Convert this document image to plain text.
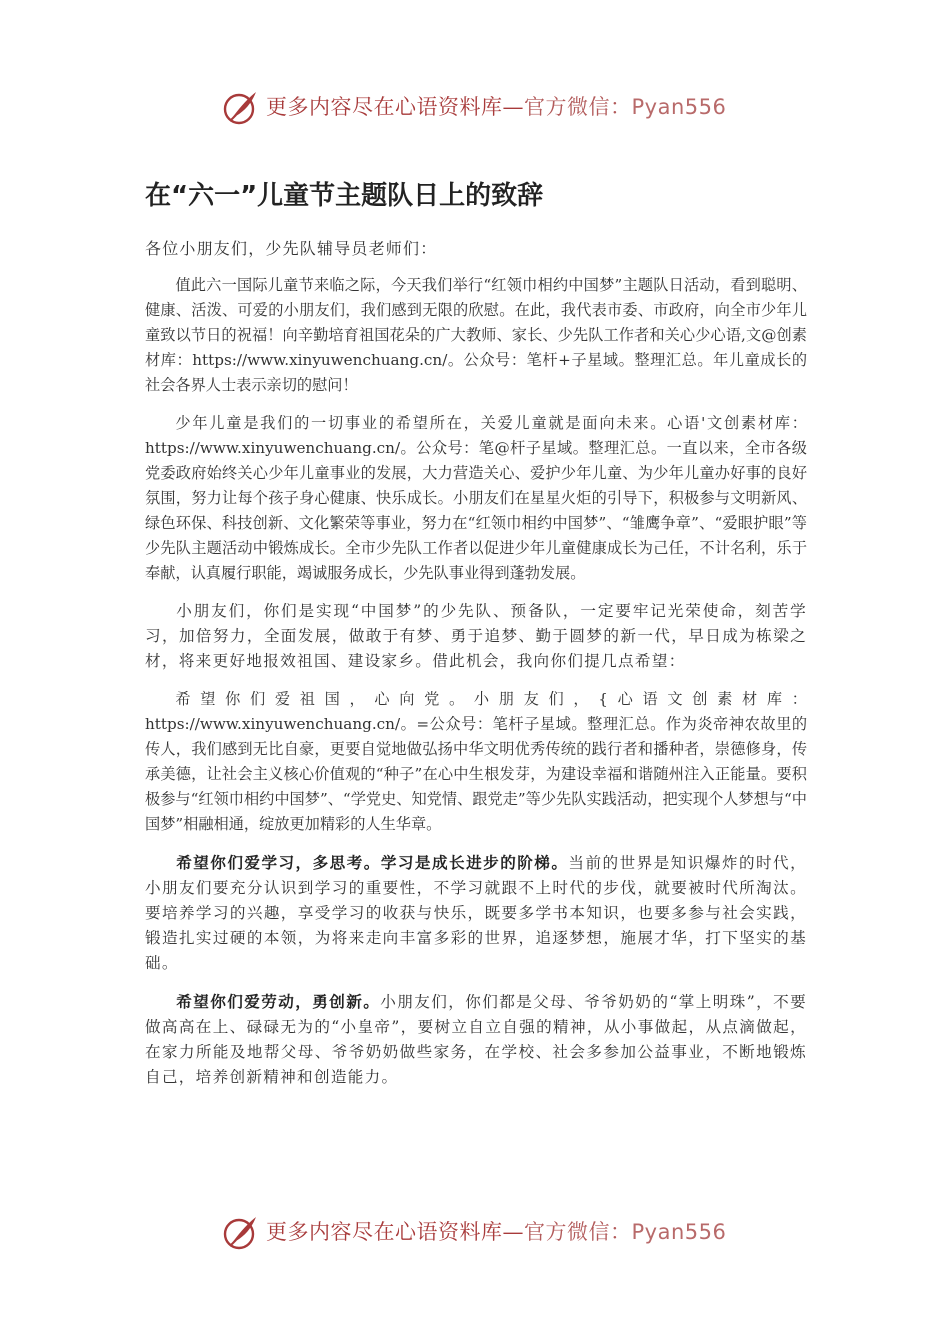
更多内容尽在心语资料库—官方微信：Pyan556
在“六一”儿童节主题队日上的致辞
各位小朋友们，少先队辅导员老师们：

值此六一国际儿童节来临之际，今天我们举行“红领巾相约中国梦”主题队日活动，看到聪明、健康、活泼、可爱的小朋友们，我们感到无限的欣慰。在此，我代表市委、市政府，向全市少年儿童致以节日的祝福！向辛勤培育祖国花朵的广大教师、家长、少先队工作者和关心少心语,文@创素材库：https://www.xinyuwenchuang.cn/。公众号：笔杆+子星域。整理汇总。年儿童成长的社会各界人士表示亲切的慰问！

少年儿童是我们的一切事业的希望所在，关爱儿童就是面向未来。心语'文创素材库：https://www.xinyuwenchuang.cn/。公众号：笔@杆子星域。整理汇总。一直以来，全市各级党委政府始终关心少年儿童事业的发展，大力营造关心、爱护少年儿童、为少年儿童办好事的良好氛围，努力让每个孩子身心健康、快乐成长。小朋友们在星星火炬的引导下，积极参与文明新风、绿色环保、科技创新、文化繁荣等事业，努力在“红领巾相约中国梦”、“雏鹰争章”、“爱眼护眼”等少先队主题活动中锻炼成长。全市少先队工作者以促进少年儿童健康成长为己任，不计名利，乐于奉献，认真履行职能，竭诚服务成长，少先队事业得到蓬勃发展。

小朋友们，你们是实现“中国梦”的少先队、预备队，一定要牢记光荣使命，刻苦学习，加倍努力，全面发展，做敢于有梦、勇于追梦、勤于圆梦的新一代，早日成为栋梁之材，将来更好地报效祖国、建设家乡。借此机会，我向你们提几点希望：

希望你们爱祖国，心向党。小朋友们，{心语文创素材库：https://www.xinyuwenchuang.cn/。=公众号：笔杆子星域。整理汇总。作为炎帝神农故里的传人，我们感到无比自豪，更要自觉地做弘扬中华文明优秀传统的践行者和播种者，崇德修身，传承美德，让社会主义核心价值观的“种子”在心中生根发芽，为建设幸福和谐随州注入正能量。要积极参与“红领巾相约中国梦”、“学党史、知党情、跟党走”等少先队实践活动，把实现个人梦想与“中国梦”相融相通，绽放更加精彩的人生华章。

希望你们爱学习，多思考。学习是成长进步的阶梯。当前的世界是知识爆炸的时代，小朋友们要充分认识到学习的重要性，不学习就跟不上时代的步伐，就要被时代所淘汰。要培养学习的兴趣，享受学习的收获与快乐，既要多学书本知识，也要多参与社会实践，锻造扎实过硬的本领，为将来走向丰富多彩的世界，追逐梦想，施展才华，打下坚实的基础。

希望你们爱劳动，勇创新。小朋友们，你们都是父母、爷爷奶奶的“掌上明珠”，不要做高高在上、碌碌无为的“小皇帝”，要树立自立自强的精神，从小事做起，从点滴做起，在家力所能及地帮父母、爷爷奶奶做些家务，在学校、社会多参加公益事业，不断地锻炼自己，培养创新精神和创造能力。

更多内容尽在心语资料库—官方微信：Pyan556
